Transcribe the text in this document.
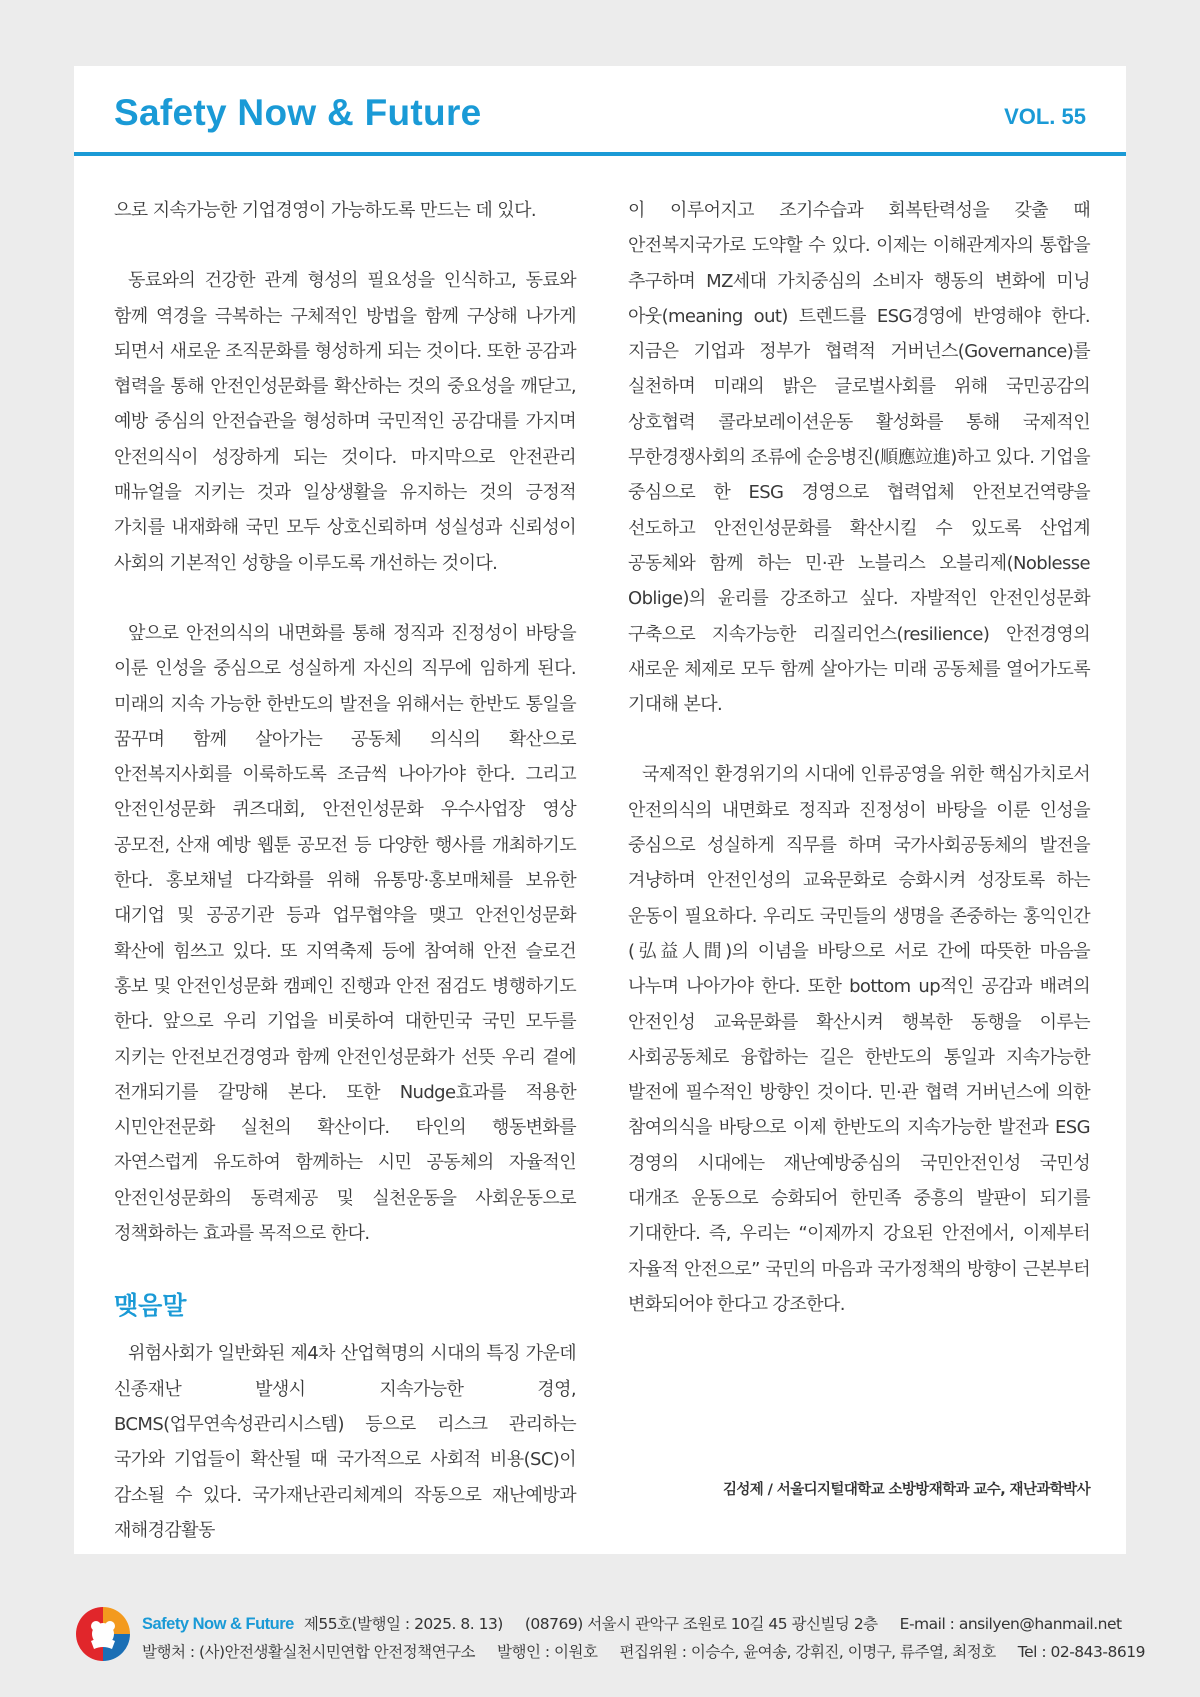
Safety Now & Future	VOL. 55

으로 지속가능한 기업경영이 가능하도록 만드는 데 있다.

동료와의 건강한 관계 형성의 필요성을 인식하고, 동료와 함께 역경을 극복하는 구체적인 방법을 함께 구상해 나가게 되면서 새로운 조직문화를 형성하게 되는 것이다. 또한 공감과 협력을 통해 안전인성문화를 확산하는 것의 중요성을 깨닫고, 예방 중심의 안전습관을 형성하며 국민적인 공감대를 가지며 안전의식이 성장하게 되는 것이다. 마지막으로 안전관리 매뉴얼을 지키는 것과 일상생활을 유지하는 것의 긍정적 가치를 내재화해 국민 모두 상호신뢰하며 성실성과 신뢰성이 사회의 기본적인 성향을 이루도록 개선하는 것이다.

앞으로 안전의식의 내면화를 통해 정직과 진정성이 바탕을 이룬 인성을 중심으로 성실하게 자신의 직무에 임하게 된다. 미래의 지속 가능한 한반도의 발전을 위해서는 한반도 통일을 꿈꾸며 함께 살아가는 공동체 의식의 확산으로 안전복지사회를 이룩하도록 조금씩 나아가야 한다. 그리고 안전인성문화 퀴즈대회, 안전인성문화 우수사업장 영상 공모전, 산재 예방 웹툰 공모전 등 다양한 행사를 개최하기도 한다. 홍보채널 다각화를 위해 유통망·홍보매체를 보유한 대기업 및 공공기관 등과 업무협약을 맺고 안전인성문화 확산에 힘쓰고 있다. 또 지역축제 등에 참여해 안전 슬로건 홍보 및 안전인성문화 캠페인 진행과 안전 점검도 병행하기도 한다. 앞으로 우리 기업을 비롯하여 대한민국 국민 모두를 지키는 안전보건경영과 함께 안전인성문화가 선뜻 우리 곁에 전개되기를 갈망해 본다. 또한 Nudge효과를 적용한 시민안전문화 실천의 확산이다. 타인의 행동변화를 자연스럽게 유도하여 함께하는 시민 공동체의 자율적인 안전인성문화의 동력제공 및 실천운동을 사회운동으로 정책화하는 효과를 목적으로 한다.

맺음말

위험사회가 일반화된 제4차 산업혁명의 시대의 특징 가운데 신종재난 발생시 지속가능한 경영, BCMS(업무연속성관리시스템) 등으로 리스크 관리하는 국가와 기업들이 확산될 때 국가적으로 사회적 비용(SC)이 감소될 수 있다. 국가재난관리체계의 작동으로 재난예방과 재해경감활동

이 이루어지고 조기수습과 회복탄력성을 갖출 때 안전복지국가로 도약할 수 있다. 이제는 이해관계자의 통합을 추구하며 MZ세대 가치중심의 소비자 행동의 변화에 미닝 아웃(meaning out) 트렌드를 ESG경영에 반영해야 한다. 지금은 기업과 정부가 협력적 거버넌스(Governance)를 실천하며 미래의 밝은 글로벌사회를 위해 국민공감의 상호협력 콜라보레이션운동 활성화를 통해 국제적인 무한경쟁사회의 조류에 순응병진(順應竝進)하고 있다. 기업을 중심으로 한 ESG 경영으로 협력업체 안전보건역량을 선도하고 안전인성문화를 확산시킬 수 있도록 산업계 공동체와 함께 하는 민·관 노블리스 오블리제(Noblesse Oblige)의 윤리를 강조하고 싶다. 자발적인 안전인성문화 구축으로 지속가능한 리질리언스(resilience) 안전경영의 새로운 체제로 모두 함께 살아가는 미래 공동체를 열어가도록 기대해 본다.

국제적인 환경위기의 시대에 인류공영을 위한 핵심가치로서 안전의식의 내면화로 정직과 진정성이 바탕을 이룬 인성을 중심으로 성실하게 직무를 하며 국가사회공동체의 발전을 겨냥하며 안전인성의 교육문화로 승화시켜 성장토록 하는 운동이 필요하다. 우리도 국민들의 생명을 존중하는 홍익인간(弘益人間)의 이념을 바탕으로 서로 간에 따뜻한 마음을 나누며 나아가야 한다. 또한 bottom up적인 공감과 배려의 안전인성 교육문화를 확산시켜 행복한 동행을 이루는 사회공동체로 융합하는 길은 한반도의 통일과 지속가능한 발전에 필수적인 방향인 것이다. 민·관 협력 거버넌스에 의한 참여의식을 바탕으로 이제 한반도의 지속가능한 발전과 ESG 경영의 시대에는 재난예방중심의 국민안전인성 국민성 대개조 운동으로 승화되어 한민족 중흥의 발판이 되기를 기대한다. 즉, 우리는 “이제까지 강요된 안전에서, 이제부터 자율적 안전으로” 국민의 마음과 국가정책의 방향이 근본부터 변화되어야 한다고 강조한다.

김성제 / 서울디지털대학교 소방방재학과 교수, 재난과학박사
Safety Now & Future 제55호(발행일 : 2025. 8. 13) (08769) 서울시 관악구 조원로 10길 45 광신빌딩 2층 E-mail : ansilyen@hanmail.net
발행처 : (사)안전생활실천시민연합 안전정책연구소 발행인 : 이원호 편집위원 : 이승수, 윤여송, 강휘진, 이명구, 류주열, 최정호 Tel : 02-843-8619
